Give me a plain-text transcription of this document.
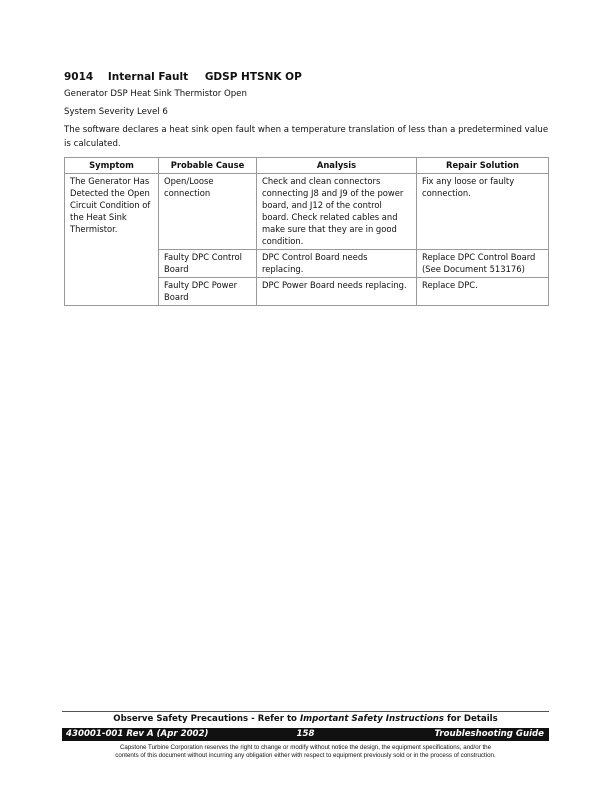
9014 Internal Fault GDSP HTSNK OP
Generator DSP Heat Sink Thermistor Open
System Severity Level 6
The software declares a heat sink open fault when a temperature translation of less than a predetermined value is calculated.
Symptom	Probable Cause	Analysis	Repair Solution
The Generator Has Detected the Open Circuit Condition of the Heat Sink Thermistor.	Open/Loose connection	Check and clean connectors connecting J8 and J9 of the power board, and J12 of the control board. Check related cables and make sure that they are in good condition.	Fix any loose or faulty connection.
	Faulty DPC Control Board	DPC Control Board needs replacing.	Replace DPC Control Board (See Document 513176)
	Faulty DPC Power Board	DPC Power Board needs replacing.	Replace DPC.
Observe Safety Precautions - Refer to Important Safety Instructions for Details
158
430001-001 Rev A (Apr 2002)	Troubleshooting Guide
Capstone Turbine Corporation reserves the right to change or modify without notice the design, the equipment specifications, and/or the
contents of this document without incurring any obligation either with respect to equipment previously sold or in the process of construction.
